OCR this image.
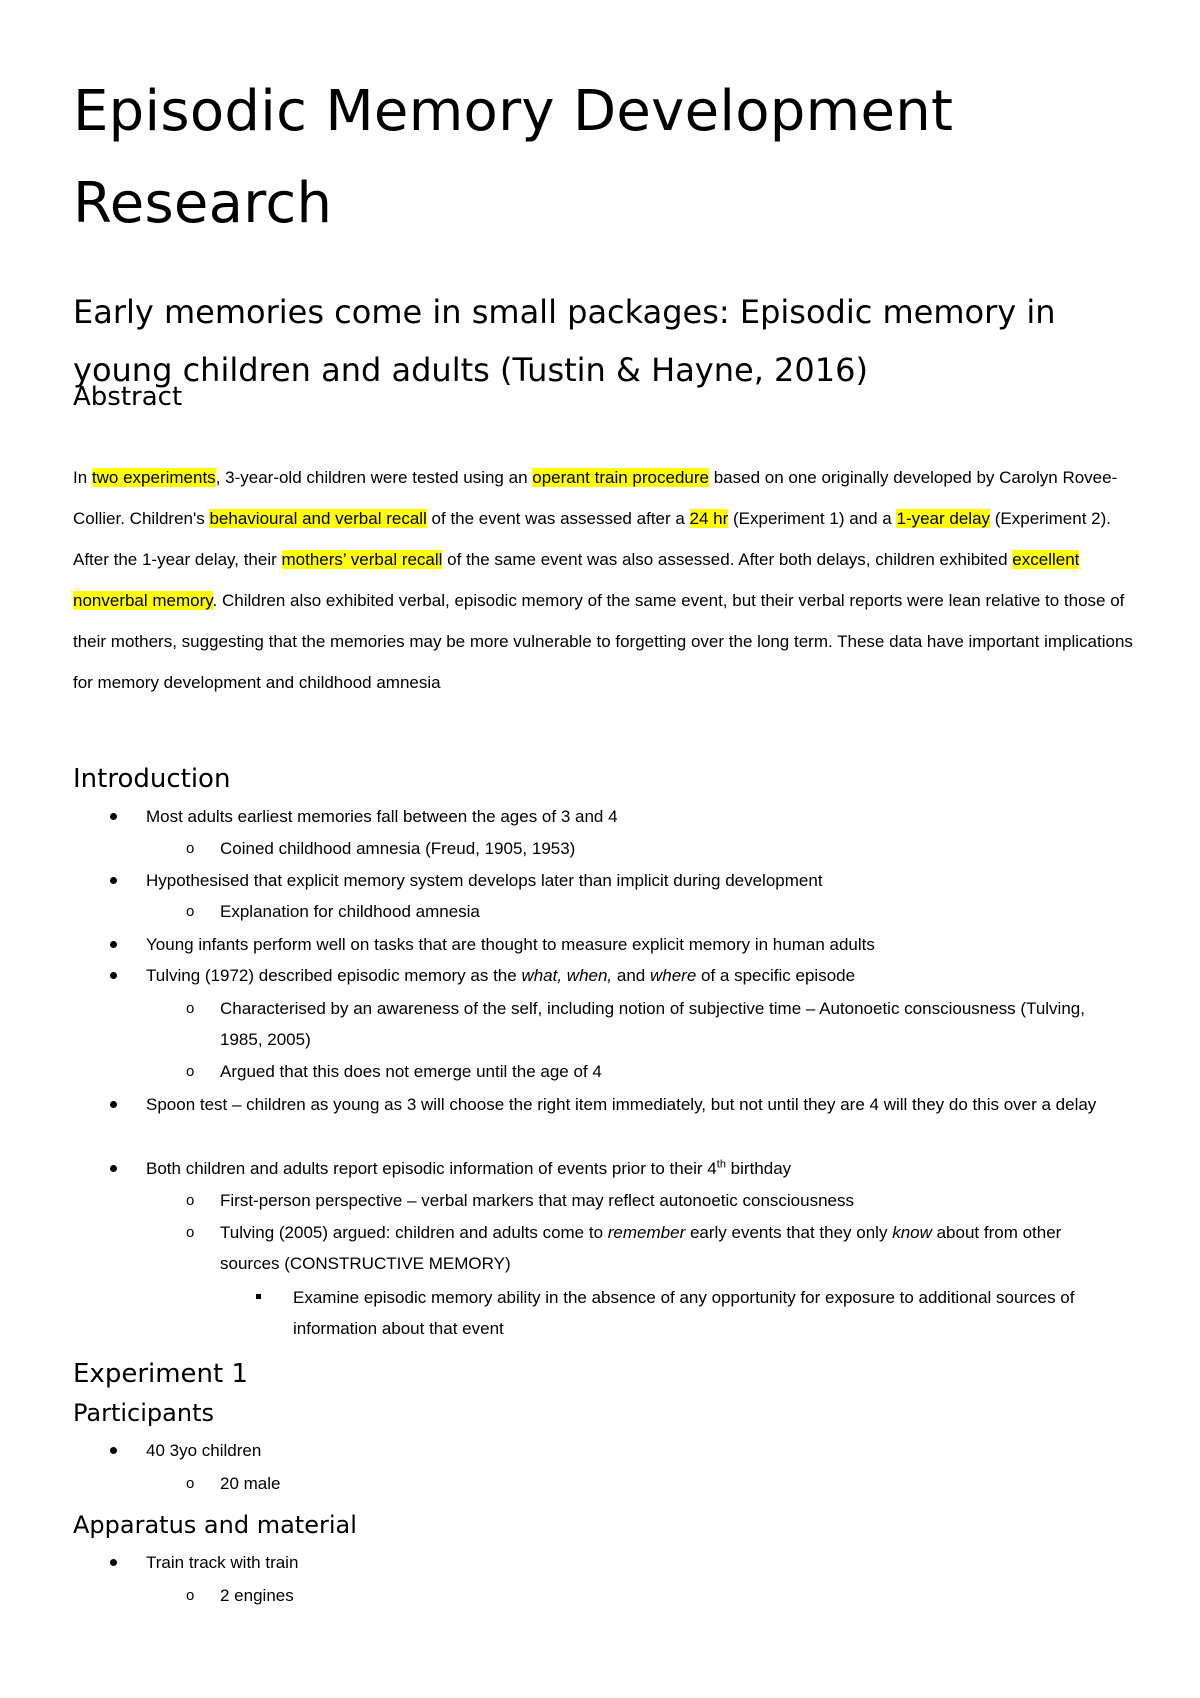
Episodic Memory Development Research
Early memories come in small packages: Episodic memory in young children and adults (Tustin & Hayne, 2016)
Abstract

In two experiments, 3-year-old children were tested using an operant train procedure based on one originally developed by Carolyn Rovee-Collier. Children's behavioural and verbal recall of the event was assessed after a 24 hr (Experiment 1) and a 1-year delay (Experiment 2). After the 1-year delay, their mothers’ verbal recall of the same event was also assessed. After both delays, children exhibited excellent nonverbal memory. Children also exhibited verbal, episodic memory of the same event, but their verbal reports were lean relative to those of their mothers, suggesting that the memories may be more vulnerable to forgetting over the long term. These data have important implications for memory development and childhood amnesia

Introduction
Most adults earliest memories fall between the ages of 3 and 4
o	Coined childhood amnesia (Freud, 1905, 1953)
Hypothesised that explicit memory system develops later than implicit during development
o	Explanation for childhood amnesia
Young infants perform well on tasks that are thought to measure explicit memory in human adults
Tulving (1972) described episodic memory as the what, when, and where of a specific episode
o	Characterised by an awareness of the self, including notion of subjective time – Autonoetic consciousness (Tulving, 1985, 2005)
o	Argued that this does not emerge until the age of 4
Spoon test – children as young as 3 will choose the right item immediately, but not until they are 4 will they do this over a delay
Both children and adults report episodic information of events prior to their 4th birthday
o	First-person perspective – verbal markers that may reflect autonoetic consciousness
o	Tulving (2005) argued: children and adults come to remember early events that they only know about from other sources (CONSTRUCTIVE MEMORY)
Examine episodic memory ability in the absence of any opportunity for exposure to additional sources of information about that event
Experiment 1
Participants
40 3yo children
o	20 male
Apparatus and material
Train track with train
o	2 engines
